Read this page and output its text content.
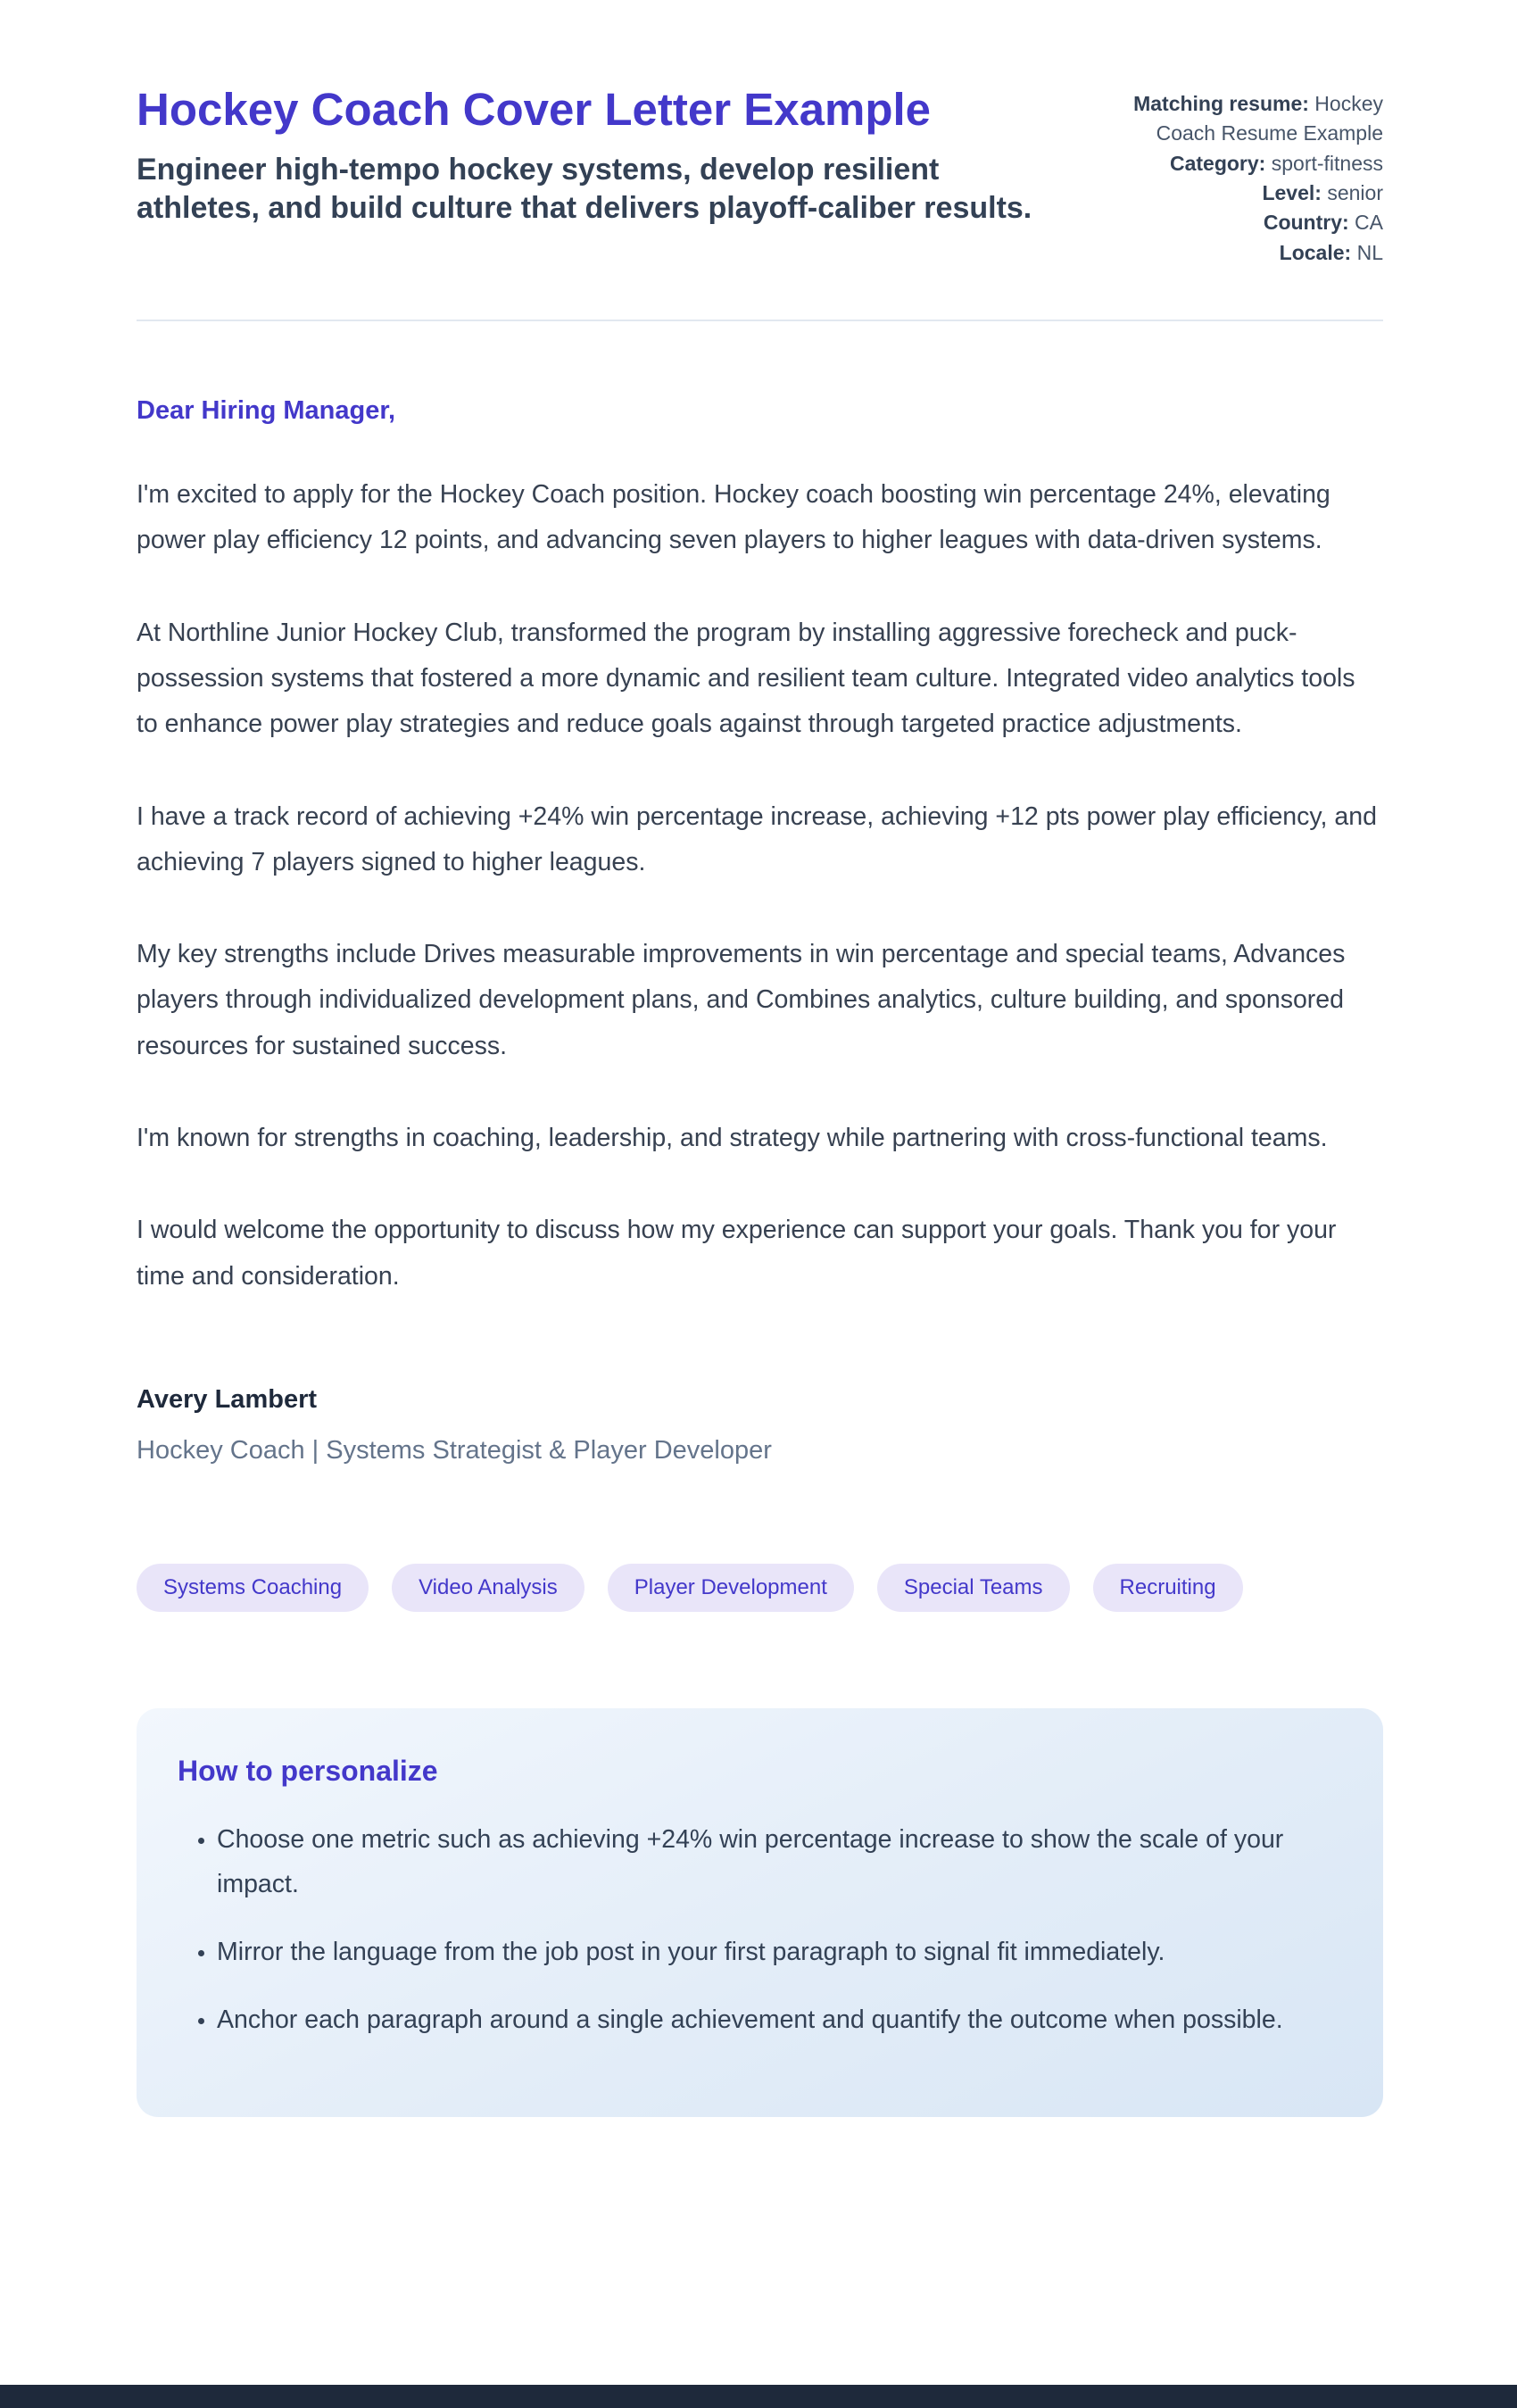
Hockey Coach Cover Letter Example

Engineer high-tempo hockey systems, develop resilient athletes, and build culture that delivers playoff-caliber results.

Matching resume: Hockey Coach Resume Example
Category: sport-fitness
Level: senior
Country: CA
Locale: NL

Dear Hiring Manager,

I'm excited to apply for the Hockey Coach position. Hockey coach boosting win percentage 24%, elevating power play efficiency 12 points, and advancing seven players to higher leagues with data-driven systems.

At Northline Junior Hockey Club, transformed the program by installing aggressive forecheck and puck-possession systems that fostered a more dynamic and resilient team culture. Integrated video analytics tools to enhance power play strategies and reduce goals against through targeted practice adjustments.

I have a track record of achieving +24% win percentage increase, achieving +12 pts power play efficiency, and achieving 7 players signed to higher leagues.

My key strengths include Drives measurable improvements in win percentage and special teams, Advances players through individualized development plans, and Combines analytics, culture building, and sponsored resources for sustained success.

I'm known for strengths in coaching, leadership, and strategy while partnering with cross-functional teams.

I would welcome the opportunity to discuss how my experience can support your goals. Thank you for your time and consideration.

Avery Lambert

Hockey Coach | Systems Strategist & Player Developer

Systems Coaching	Video Analysis	Player Development	Special Teams	Recruiting
How to personalize
• Choose one metric such as achieving +24% win percentage increase to show the scale of your impact.
• Mirror the language from the job post in your first paragraph to signal fit immediately.
• Anchor each paragraph around a single achievement and quantify the outcome when possible.
